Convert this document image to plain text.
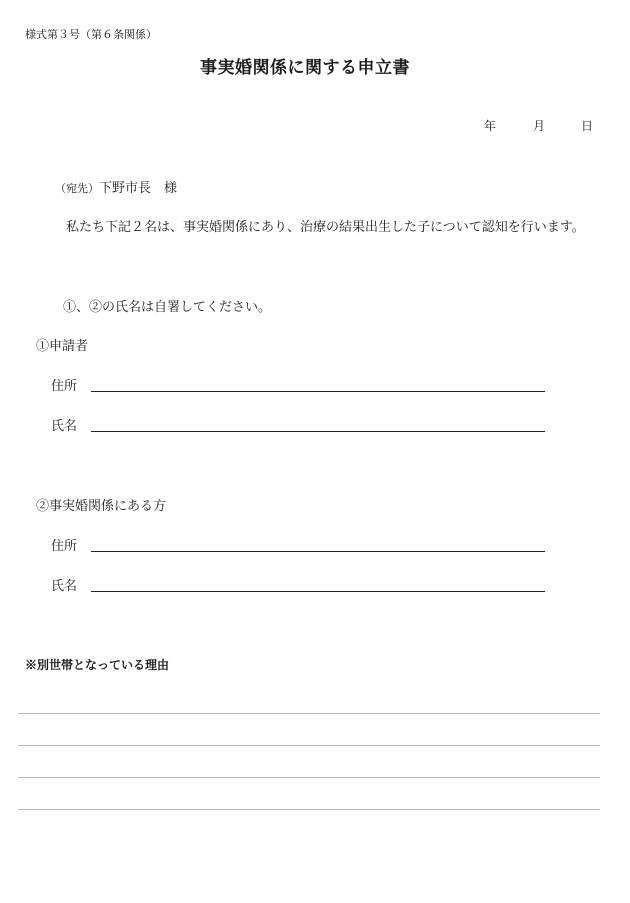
様式第３号（第６条関係）
事実婚関係に関する申立書
年	月	日
（宛先）下野市長　様
私たち下記２名は、事実婚関係にあり、治療の結果出生した子について認知を行います。
①、②の氏名は自署してください。
①申請者
住所
氏名
②事実婚関係にある方
住所
氏名
※別世帯となっている理由
